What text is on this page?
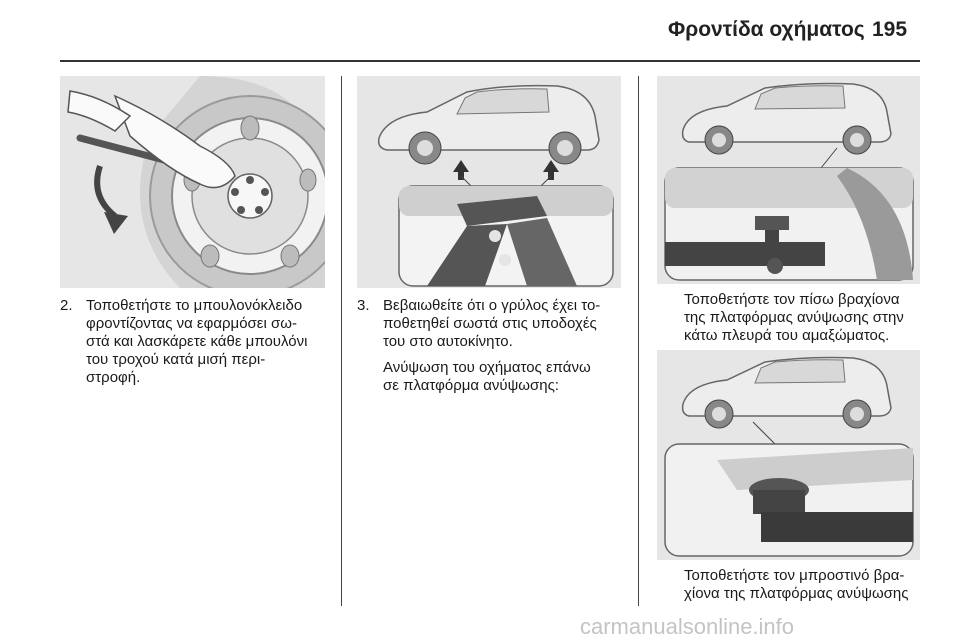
Φροντίδα οχήματος 195
2. Τοποθετήστε το μπουλονόκλειδο

φροντίζοντας να εφαρμόσει σω-

στά και λασκάρετε κάθε μπουλόνι

του τροχού κατά μισή περι-

στροφή.

3. Βεβαιωθείτε ότι ο γρύλος έχει το-

ποθετηθεί σωστά στις υποδοχές

του στο αυτοκίνητο.

Ανύψωση του οχήματος επάνω

σε πλατφόρμα ανύψωσης:

Τοποθετήστε τον πίσω βραχίονα

της πλατφόρμας ανύψωσης στην

κάτω πλευρά του αμαξώματος.

Τοποθετήστε τον μπροστινό βρα-

χίονα της πλατφόρμας ανύψωσης

carmanualsonline.info
